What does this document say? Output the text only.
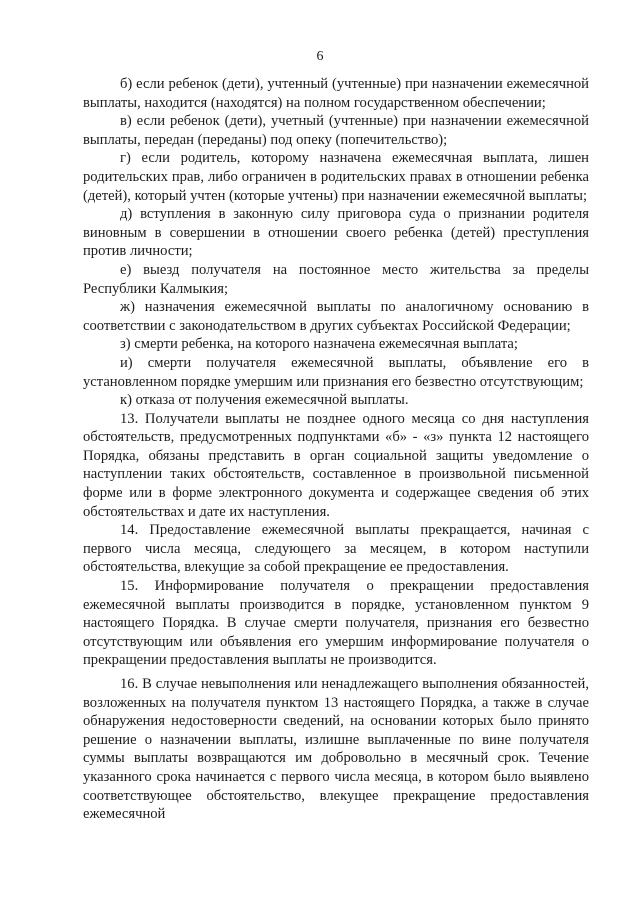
6

б) если ребенок (дети), учтенный (учтенные) при назначении ежемесячной выплаты, находится (находятся) на полном государственном обеспечении;

в) если ребенок (дети), учетный (учтенные) при назначении ежемесячной выплаты, передан (переданы) под опеку (попечительство);

г) если родитель, которому назначена ежемесячная выплата, лишен родительских прав, либо ограничен в родительских правах в отношении ребенка (детей), который учтен (которые учтены) при назначении ежемесячной выплаты;

д) вступления в законную силу приговора суда о признании родителя виновным в совершении в отношении своего ребенка (детей) преступления против личности;

е) выезд получателя на постоянное место жительства за пределы Республики Калмыкия;

ж) назначения ежемесячной выплаты по аналогичному основанию в соответствии с законодательством в других субъектах Российской Федерации;

з) смерти ребенка, на которого назначена ежемесячная выплата;

и) смерти получателя ежемесячной выплаты, объявление его в установленном порядке умершим или признания его безвестно отсутствующим;

к) отказа от получения ежемесячной выплаты.

13. Получатели выплаты не позднее одного месяца со дня наступления обстоятельств, предусмотренных подпунктами «б» - «з» пункта 12 настоящего Порядка, обязаны представить в орган социальной защиты уведомление о наступлении таких обстоятельств, составленное в произвольной письменной форме или в форме электронного документа и содержащее сведения об этих обстоятельствах и дате их наступления.

14. Предоставление ежемесячной выплаты прекращается, начиная с первого числа месяца, следующего за месяцем, в котором наступили обстоятельства, влекущие за собой прекращение ее предоставления.

15. Информирование получателя о прекращении предоставления ежемесячной выплаты производится в порядке, установленном пунктом 9 настоящего Порядка. В случае смерти получателя, признания его безвестно отсутствующим или объявления его умершим информирование получателя о прекращении предоставления выплаты не производится.

16. В случае невыполнения или ненадлежащего выполнения обязанностей, возложенных на получателя пунктом 13 настоящего Порядка, а также в случае обнаружения недостоверности сведений, на основании которых было принято решение о назначении выплаты, излишне выплаченные по вине получателя суммы выплаты возвращаются им добровольно в месячный срок. Течение указанного срока начинается с первого числа месяца, в котором было выявлено соответствующее обстоятельство, влекущее прекращение предоставления ежемесячной
